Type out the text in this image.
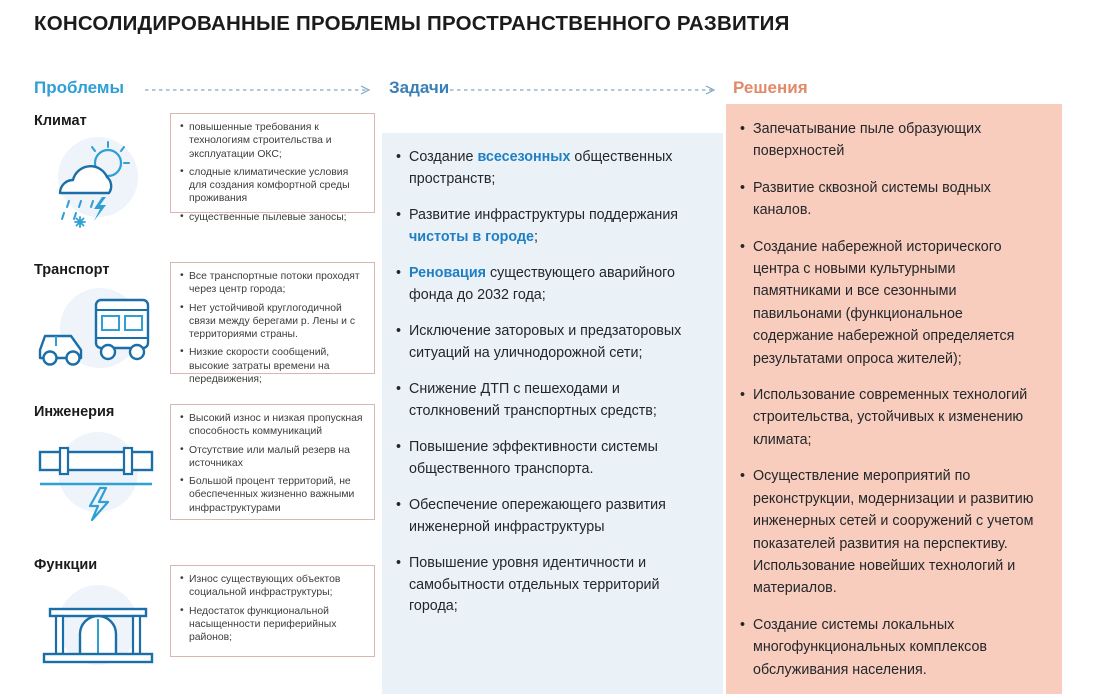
КОНСОЛИДИРОВАННЫЕ ПРОБЛЕМЫ ПРОСТРАНСТВЕННОГО РАЗВИТИЯ
Проблемы	Задачи	Решения
Климат	• повышенные требования к технологиям строительства и эксплуатации ОКС;
• слодные климатические условия для создания комфортной среды проживания
• существенные пылевые заносы;
Транспорт	• Все транспортные потоки проходят через центр города;
• Нет устойчивой круглогодичной связи между берегами р. Лены и с территориями страны.
• Низкие скорости сообщений, высокие затраты времени на передвижения;
Инженерия	• Высокий износ и низкая пропускная способность коммуникаций
• Отсутствие или малый резерв на источниках
• Большой процент территорий, не обеспеченных жизненно важными инфраструктурами
Функции
• Износ существующих объектов социальной инфраструктуры;
• Недостаток функциональной насыщенности периферийных районов;
• Создание всесезонных общественных пространств;
• Развитие инфраструктуры поддержания чистоты в городе;
• Реновация существующего аварийного фонда до 2032 года;
• Исключение заторовых и предзаторовых ситуаций на уличнодорожной сети;
• Снижение ДТП с пешеходами и столкновений транспортных средств;
• Повышение эффективности системы общественного транспорта.
• Обеспечение опережающего развития инженерной инфраструктуры
• Повышение уровня идентичности и самобытности отдельных территорий города;
• Запечатывание пыле образующих поверхностей
• Развитие сквозной системы водных каналов.
• Создание набережной исторического центра с новыми культурными памятниками и все сезонными павильонами (функциональное содержание набережной определяется результатами опроса жителей);
• Использование современных технологий строительства, устойчивых к изменению климата;
• Осуществление мероприятий по реконструкции, модернизации и развитию инженерных сетей и сооружений с учетом показателей развития на перспективу. Использование новейших технологий и материалов.
• Создание системы локальных многофункциональных комплексов обслуживания населения.
